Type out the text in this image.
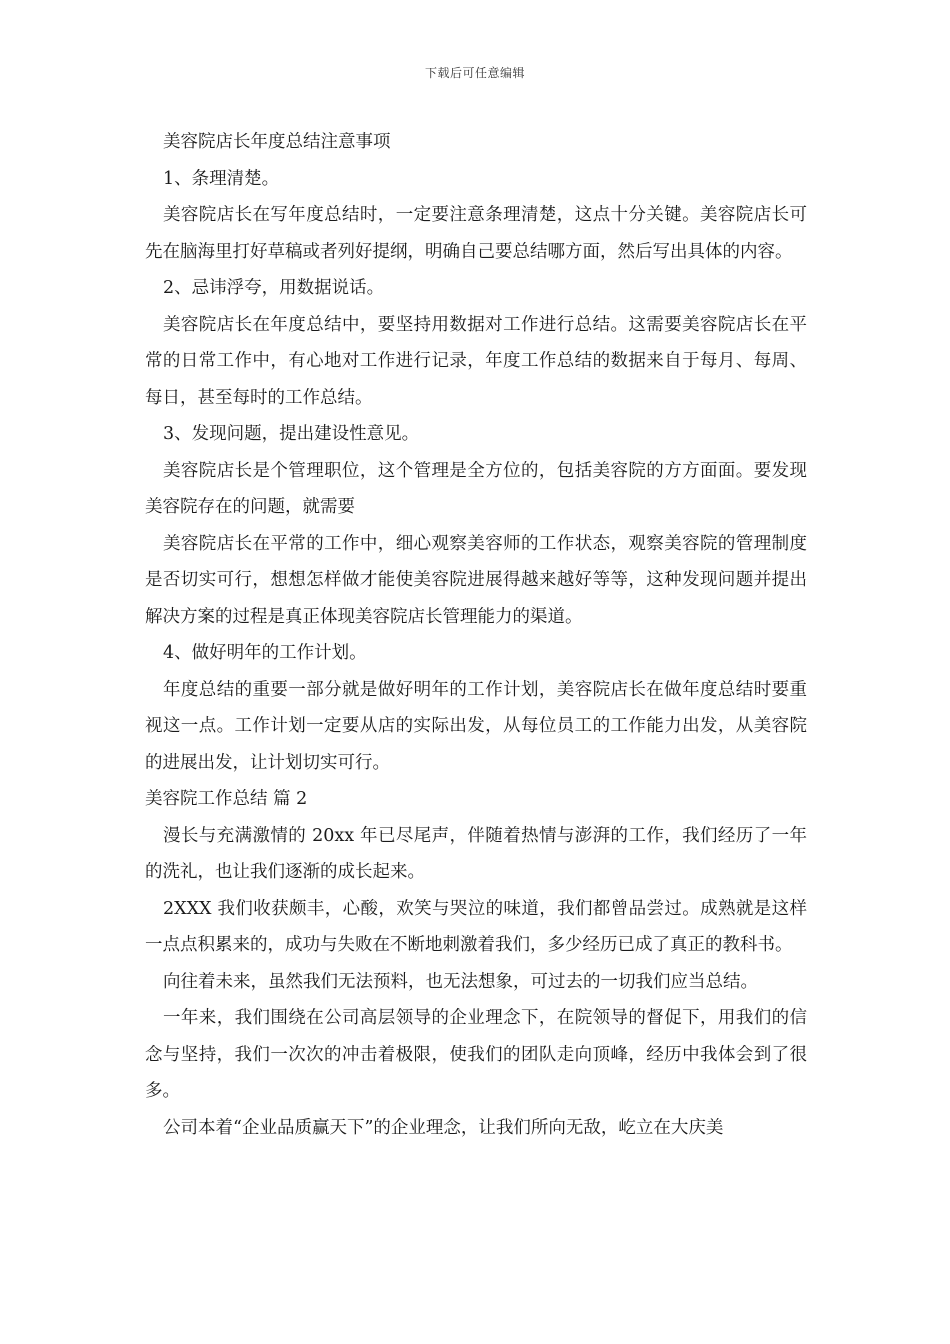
下载后可任意编辑

美容院店长年度总结注意事项

1、条理清楚。

美容院店长在写年度总结时，一定要注意条理清楚，这点十分关键。美容院店长可先在脑海里打好草稿或者列好提纲，明确自己要总结哪方面，然后写出具体的内容。

2、忌讳浮夸，用数据说话。

美容院店长在年度总结中，要坚持用数据对工作进行总结。这需要美容院店长在平常的日常工作中，有心地对工作进行记录，年度工作总结的数据来自于每月、每周、每日，甚至每时的工作总结。

3、发现问题，提出建设性意见。

美容院店长是个管理职位，这个管理是全方位的，包括美容院的方方面面。要发现美容院存在的问题，就需要

美容院店长在平常的工作中，细心观察美容师的工作状态，观察美容院的管理制度是否切实可行，想想怎样做才能使美容院进展得越来越好等等，这种发现问题并提出解决方案的过程是真正体现美容院店长管理能力的渠道。

4、做好明年的工作计划。

年度总结的重要一部分就是做好明年的工作计划，美容院店长在做年度总结时要重视这一点。工作计划一定要从店的实际出发，从每位员工的工作能力出发，从美容院的进展出发，让计划切实可行。

美容院工作总结 篇 2

漫长与充满激情的 20xx 年已尽尾声，伴随着热情与澎湃的工作，我们经历了一年的洗礼，也让我们逐渐的成长起来。

2XXX 我们收获颇丰，心酸，欢笑与哭泣的味道，我们都曾品尝过。成熟就是这样一点点积累来的，成功与失败在不断地刺激着我们，多少经历已成了真正的教科书。

向往着未来，虽然我们无法预料，也无法想象，可过去的一切我们应当总结。

一年来，我们围绕在公司高层领导的企业理念下，在院领导的督促下，用我们的信念与坚持，我们一次次的冲击着极限，使我们的团队走向顶峰，经历中我体会到了很多。

公司本着“企业品质赢天下”的企业理念，让我们所向无敌，屹立在大庆美
